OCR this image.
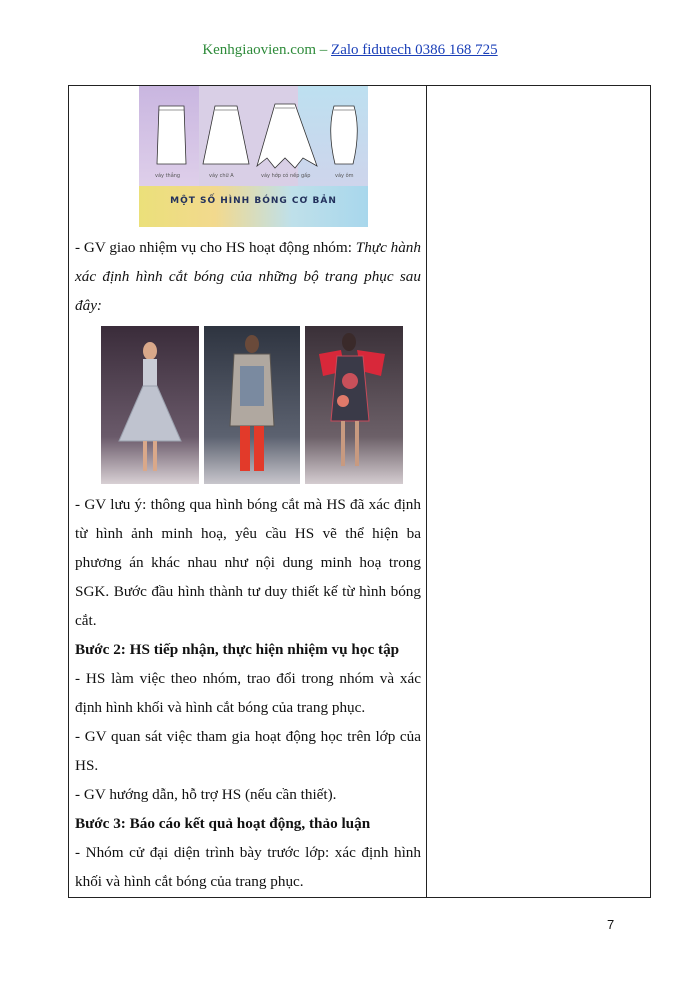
Kenhgiaovien.com – Zalo fidutech 0386 168 725
váy thẳng	váy chữ A	váy hớp có nếp gấp	váy ôm
MỘT SỐ HÌNH BÓNG CƠ BẢN
- GV giao nhiệm vụ cho HS hoạt động nhóm: Thực hành xác định hình cắt bóng của những bộ trang phục sau đây:
- GV lưu ý: thông qua hình bóng cắt mà HS đã xác định từ hình ảnh minh hoạ, yêu cầu HS vẽ thể hiện ba phương án khác nhau như nội dung minh hoạ trong SGK. Bước đầu hình thành tư duy thiết kế từ hình bóng cắt.
Bước 2: HS tiếp nhận, thực hiện nhiệm vụ học tập
- HS làm việc theo nhóm, trao đổi trong nhóm và xác định hình khối và hình cắt bóng của trang phục.
- GV quan sát việc tham gia hoạt động học trên lớp của HS.
- GV hướng dẫn, hỗ trợ HS (nếu cần thiết).
Bước 3: Báo cáo kết quả hoạt động, thảo luận
- Nhóm cử đại diện trình bày trước lớp: xác định hình khối và hình cắt bóng của trang phục.
7
